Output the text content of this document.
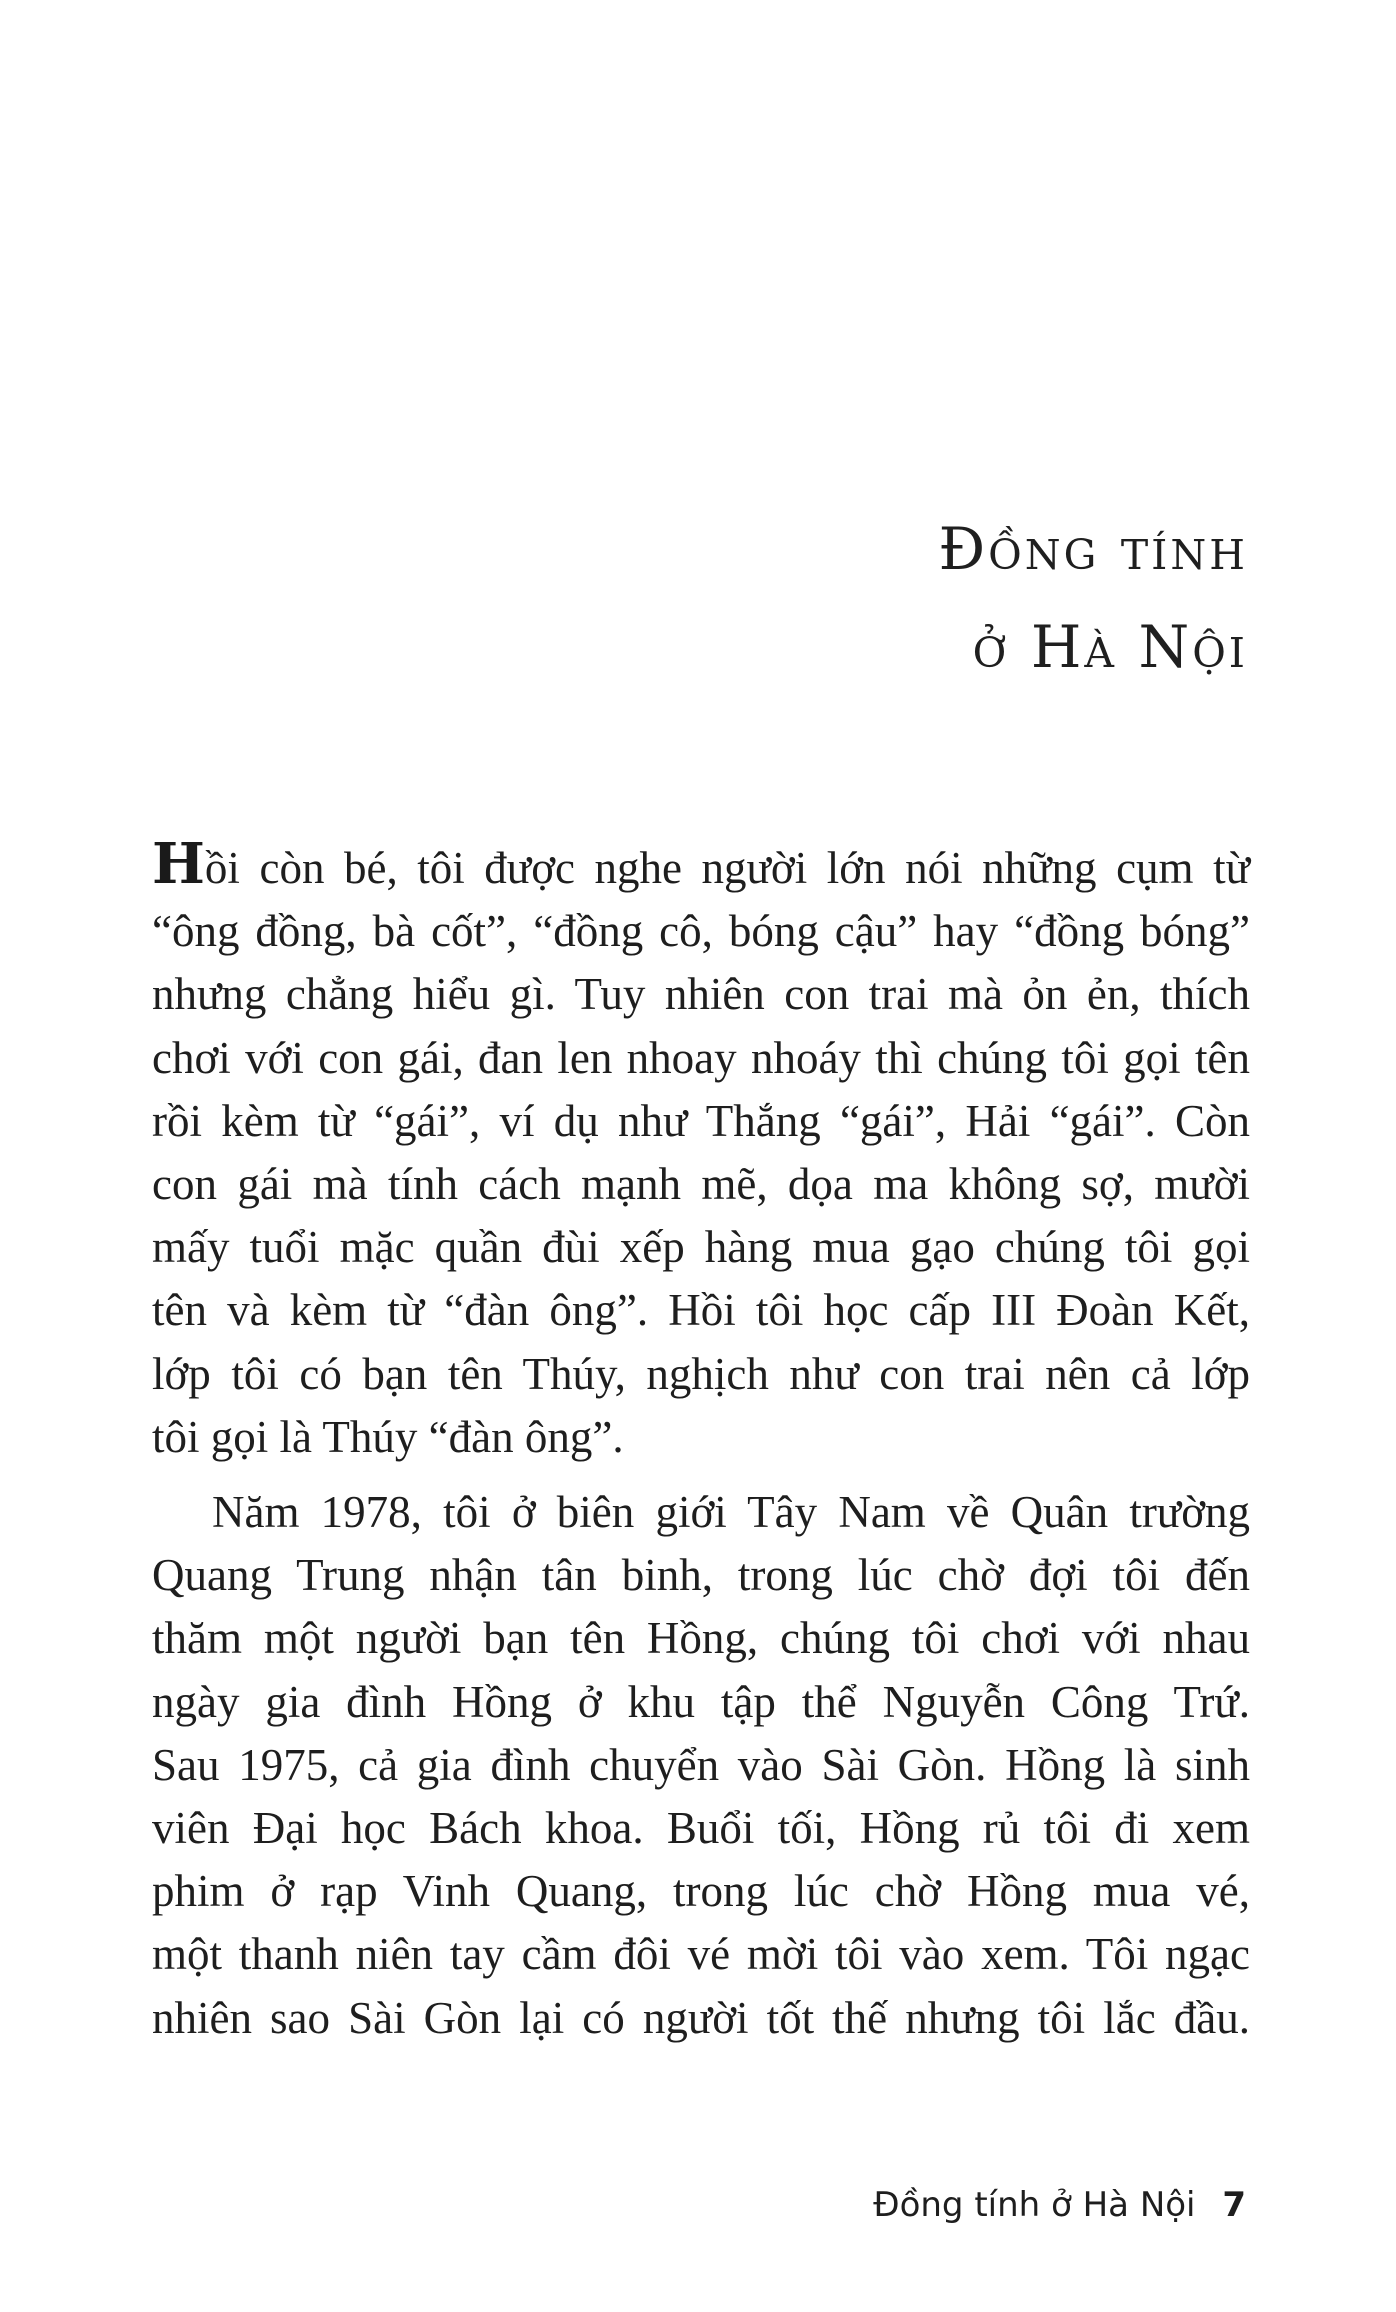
Đồng tính
ở Hà Nội

Hồi còn bé, tôi được nghe người lớn nói những cụm từ
“ông đồng, bà cốt”, “đồng cô, bóng cậu” hay “đồng bóng”
nhưng chẳng hiểu gì. Tuy nhiên con trai mà ỏn ẻn, thích
chơi với con gái, đan len nhoay nhoáy thì chúng tôi gọi tên
rồi kèm từ “gái”, ví dụ như Thắng “gái”, Hải “gái”. Còn
con gái mà tính cách mạnh mẽ, dọa ma không sợ, mười
mấy tuổi mặc quần đùi xếp hàng mua gạo chúng tôi gọi
tên và kèm từ “đàn ông”. Hồi tôi học cấp III Đoàn Kết,
lớp tôi có bạn tên Thúy, nghịch như con trai nên cả lớp
tôi gọi là Thúy “đàn ông”.

Năm 1978, tôi ở biên giới Tây Nam về Quân trường
Quang Trung nhận tân binh, trong lúc chờ đợi tôi đến
thăm một người bạn tên Hồng, chúng tôi chơi với nhau
ngày gia đình Hồng ở khu tập thể Nguyễn Công Trứ.
Sau 1975, cả gia đình chuyển vào Sài Gòn. Hồng là sinh
viên Đại học Bách khoa. Buổi tối, Hồng rủ tôi đi xem
phim ở rạp Vinh Quang, trong lúc chờ Hồng mua vé,
một thanh niên tay cầm đôi vé mời tôi vào xem. Tôi ngạc
nhiên sao Sài Gòn lại có người tốt thế nhưng tôi lắc đầu.

Đồng tính ở Hà Nội 7
